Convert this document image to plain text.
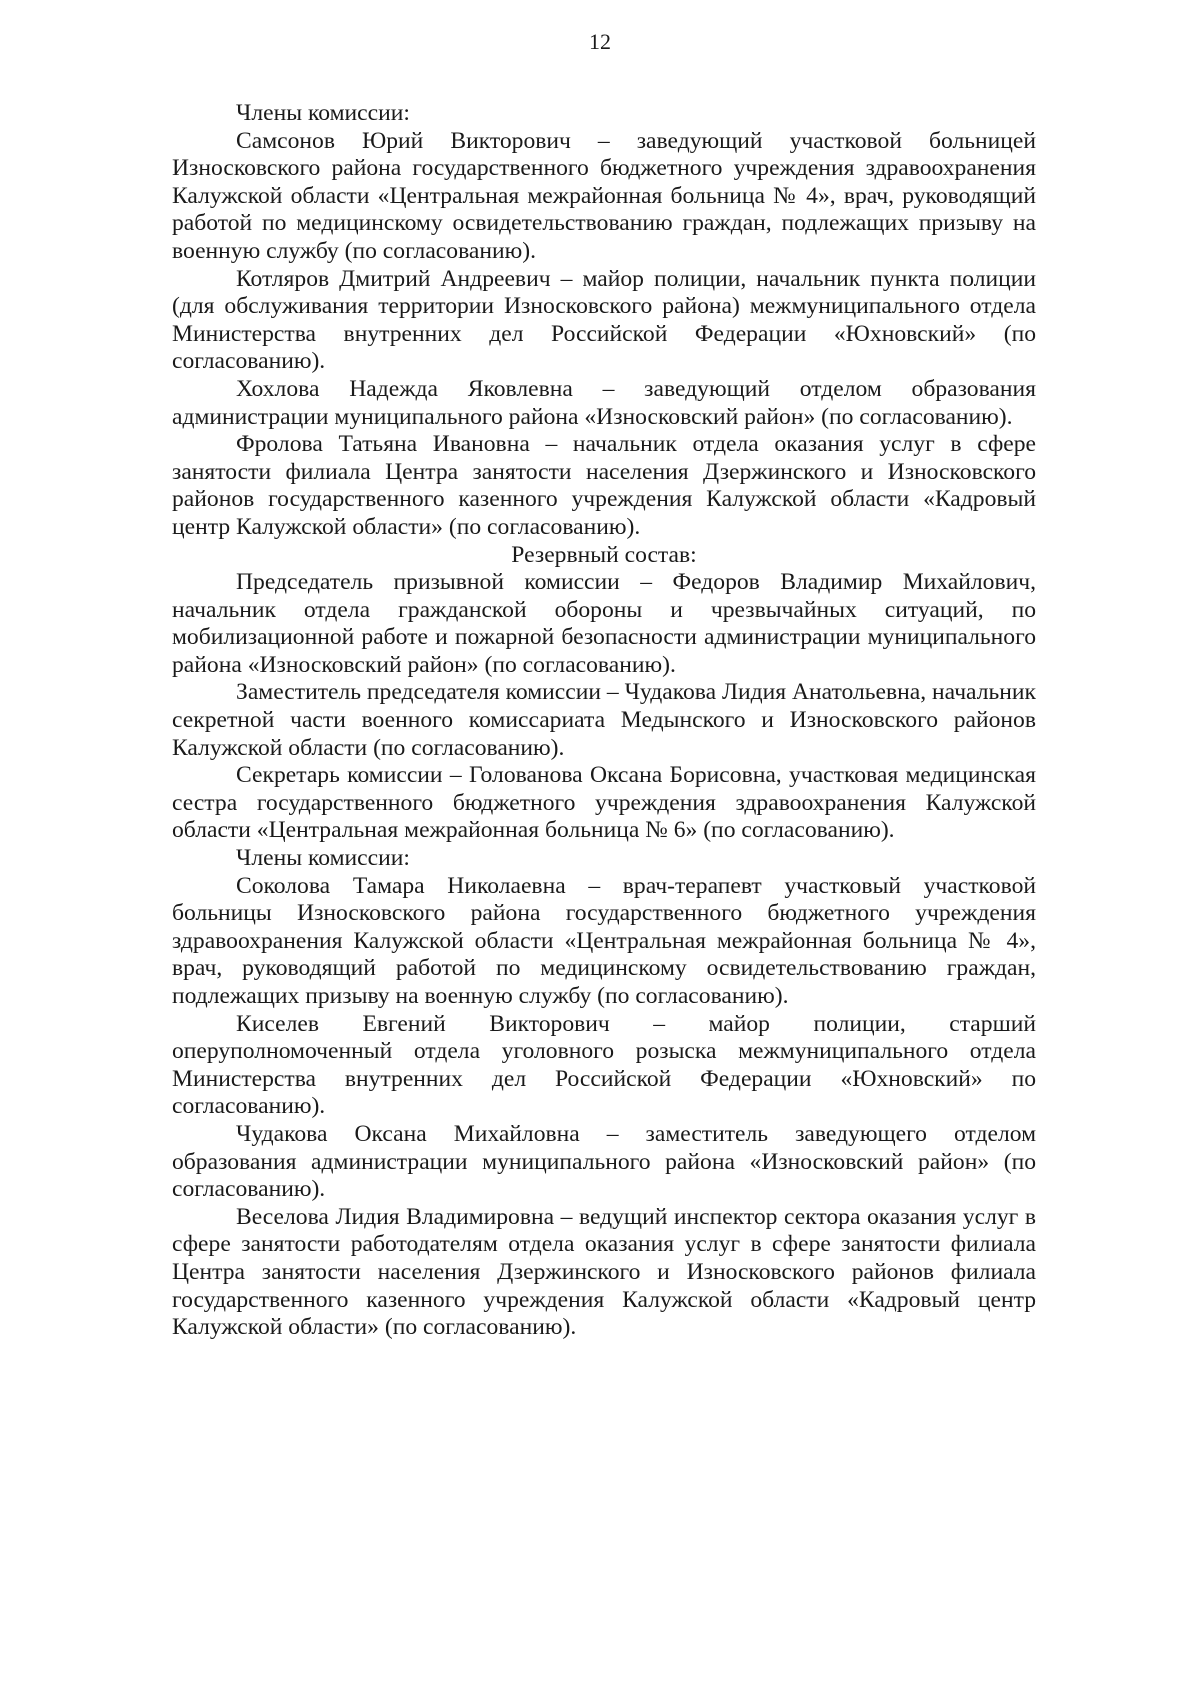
12

Члены комиссии:

Самсонов Юрий Викторович – заведующий участковой больницей Износковского района государственного бюджетного учреждения здравоохранения Калужской области «Центральная межрайонная больница № 4», врач, руководящий работой по медицинскому освидетельствованию граждан, подлежащих призыву на военную службу (по согласованию).

Котляров Дмитрий Андреевич – майор полиции, начальник пункта полиции (для обслуживания территории Износковского района) межмуниципального отдела Министерства внутренних дел Российской Федерации «Юхновский» (по согласованию).

Хохлова Надежда Яковлевна – заведующий отделом образования администрации муниципального района «Износковский район» (по согласованию).

Фролова Татьяна Ивановна – начальник отдела оказания услуг в сфере занятости филиала Центра занятости населения Дзержинского и Износковского районов государственного казенного учреждения Калужской области «Кадровый центр Калужской области» (по согласованию).

Резервный состав:

Председатель призывной комиссии – Федоров Владимир Михайлович, начальник отдела гражданской обороны и чрезвычайных ситуаций, по мобилизационной работе и пожарной безопасности администрации муниципального района «Износковский район» (по согласованию).

Заместитель председателя комиссии – Чудакова Лидия Анатольевна, начальник секретной части военного комиссариата Медынского и Износковского районов Калужской области (по согласованию).

Секретарь комиссии – Голованова Оксана Борисовна, участковая медицинская сестра государственного бюджетного учреждения здравоохранения Калужской области «Центральная межрайонная больница № 6» (по согласованию).

Члены комиссии:

Соколова Тамара Николаевна – врач-терапевт участковый участковой больницы Износковского района государственного бюджетного учреждения здравоохранения Калужской области «Центральная межрайонная больница № 4», врач, руководящий работой по медицинскому освидетельствованию граждан, подлежащих призыву на военную службу (по согласованию).

Киселев Евгений Викторович – майор полиции, старший оперуполномоченный отдела уголовного розыска межмуниципального отдела Министерства внутренних дел Российской Федерации «Юхновский» по согласованию).

Чудакова Оксана Михайловна – заместитель заведующего отделом образования администрации муниципального района «Износковский район» (по согласованию).

Веселова Лидия Владимировна – ведущий инспектор сектора оказания услуг в сфере занятости работодателям отдела оказания услуг в сфере занятости филиала Центра занятости населения Дзержинского и Износковского районов филиала государственного казенного учреждения Калужской области «Кадровый центр Калужской области» (по согласованию).
